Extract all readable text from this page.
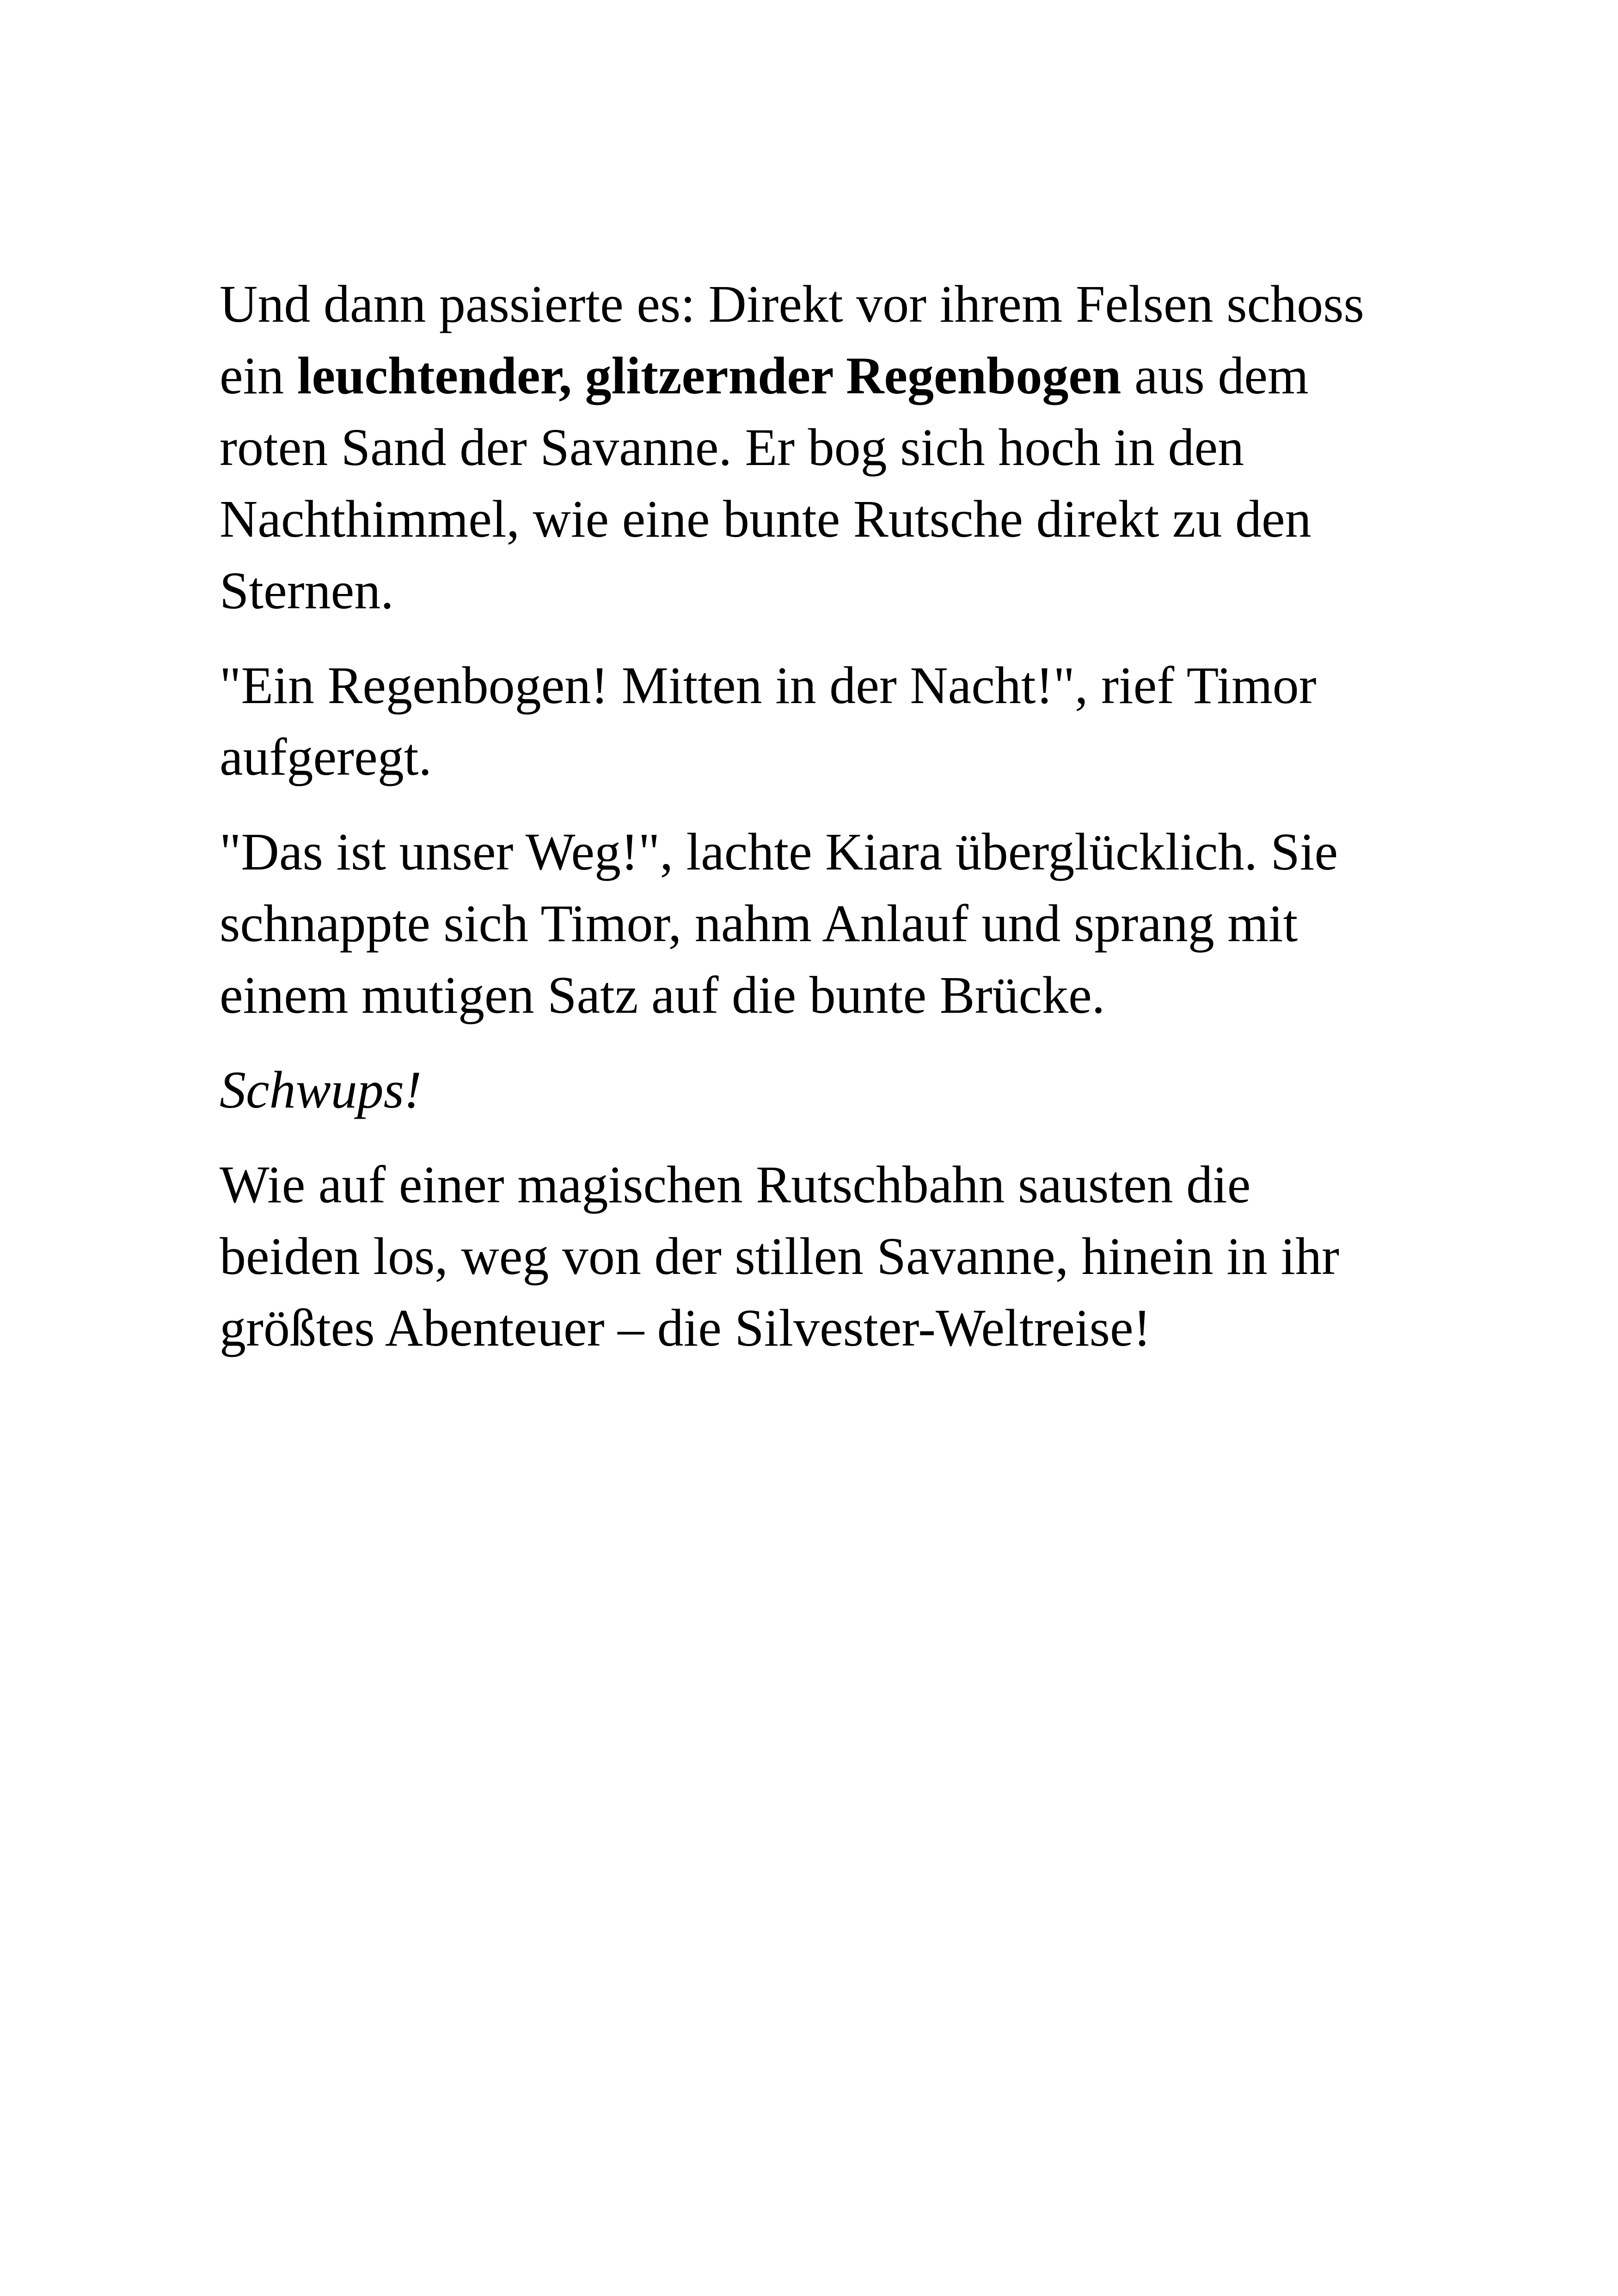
Und dann passierte es: Direkt vor ihrem Felsen schoss ein leuchtender, glitzernder Regenbogen aus dem roten Sand der Savanne. Er bog sich hoch in den Nachthimmel, wie eine bunte Rutsche direkt zu den Sternen.

"Ein Regenbogen! Mitten in der Nacht!", rief Timor aufgeregt.

"Das ist unser Weg!", lachte Kiara überglücklich. Sie schnappte sich Timor, nahm Anlauf und sprang mit einem mutigen Satz auf die bunte Brücke.

Schwups!

Wie auf einer magischen Rutschbahn sausten die beiden los, weg von der stillen Savanne, hinein in ihr größtes Abenteuer – die Silvester-Weltreise!
